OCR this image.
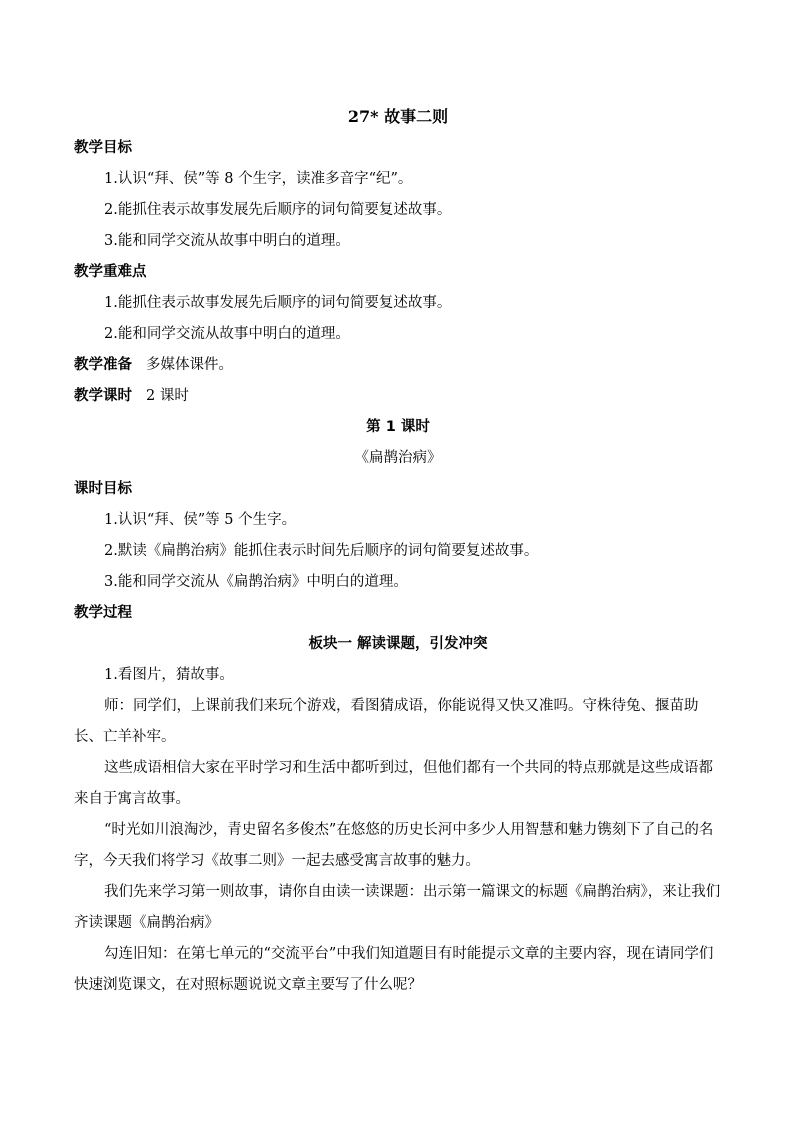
27* 故事二则
教学目标
1.认识“拜、侯”等 8 个生字，读准多音字“纪”。
2.能抓住表示故事发展先后顺序的词句简要复述故事。
3.能和同学交流从故事中明白的道理。
教学重难点
1.能抓住表示故事发展先后顺序的词句简要复述故事。
2.能和同学交流从故事中明白的道理。
教学准备 多媒体课件。
教学课时 2 课时
第 1 课时
《扁鹊治病》
课时目标
1.认识“拜、侯”等 5 个生字。
2.默读《扁鹊治病》能抓住表示时间先后顺序的词句简要复述故事。
3.能和同学交流从《扁鹊治病》中明白的道理。
教学过程
板块一 解读课题，引发冲突
1.看图片，猜故事。

师：同学们，上课前我们来玩个游戏，看图猜成语，你能说得又快又准吗。守株待兔、揠苗助长、亡羊补牢。

这些成语相信大家在平时学习和生活中都听到过，但他们都有一个共同的特点那就是这些成语都来自于寓言故事。

“时光如川浪淘沙，青史留名多俊杰”在悠悠的历史长河中多少人用智慧和魅力镌刻下了自己的名字，今天我们将学习《故事二则》一起去感受寓言故事的魅力。

我们先来学习第一则故事，请你自由读一读课题：出示第一篇课文的标题《扁鹊治病》，来让我们齐读课题《扁鹊治病》

勾连旧知：在第七单元的“交流平台”中我们知道题目有时能提示文章的主要内容，现在请同学们快速浏览课文，在对照标题说说文章主要写了什么呢？
